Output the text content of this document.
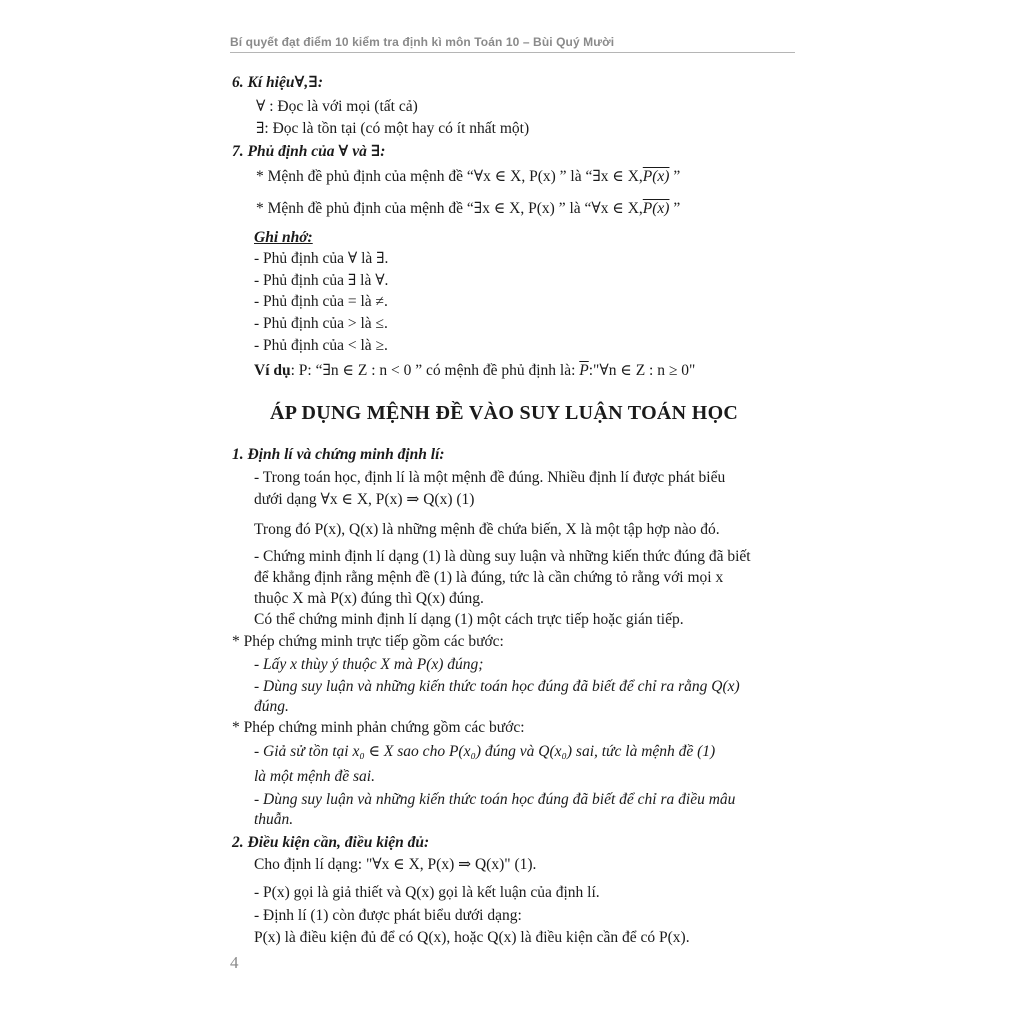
Bí quyết đạt điểm 10 kiểm tra định kì môn Toán 10 – Bùi Quý Mười
6. Kí hiệu∀,∃:
∀ : Đọc là với mọi (tất cả)
∃: Đọc là tồn tại (có một hay có ít nhất một)
7. Phủ định của ∀ và ∃:
* Mệnh đề phủ định của mệnh đề “∀x ∈ X, P(x) ” là “∃x ∈ X,P(x) ”
* Mệnh đề phủ định của mệnh đề “∃x ∈ X, P(x) ” là “∀x ∈ X,P(x) ”
Ghi nhớ:
- Phủ định của ∀ là ∃.
- Phủ định của ∃ là ∀.
- Phủ định của = là ≠.
- Phủ định của > là ≤.
- Phủ định của < là ≥.
Ví dụ: P: “∃n ∈ Z : n < 0 ” có mệnh đề phủ định là: $\overline{P}:"\forall n$ ∈ Z : n ≥ 0"
ÁP DỤNG MỆNH ĐỀ VÀO SUY LUẬN TOÁN HỌC
1. Định lí và chứng minh định lí:
- Trong toán học, định lí là một mệnh đề đúng. Nhiều định lí được phát biểu
dưới dạng ∀x ∈ X, P(x) ⇒ Q(x) (1)
Trong đó P(x), Q(x) là những mệnh đề chứa biến, X là một tập hợp nào đó.
- Chứng minh định lí dạng (1) là dùng suy luận và những kiến thức đúng đã biết
để khẳng định rằng mệnh đề (1) là đúng, tức là cần chứng tỏ rằng với mọi x
thuộc X mà P(x) đúng thì Q(x) đúng.
Có thể chứng minh định lí dạng (1) một cách trực tiếp hoặc gián tiếp.
* Phép chứng minh trực tiếp gồm các bước:
- Lấy x thùy ý thuộc X mà P(x) đúng;
- Dùng suy luận và những kiến thức toán học đúng đã biết để chỉ ra rằng Q(x)
đúng.
* Phép chứng minh phản chứng gồm các bước:
- Giả sử tồn tại x₀ ∈ X sao cho P(x₀) đúng và Q(x₀) sai, tức là mệnh đề (1)
là một mệnh đề sai.
- Dùng suy luận và những kiến thức toán học đúng đã biết để chỉ ra điều mâu
thuẫn.
2. Điều kiện cần, điều kiện đủ:
Cho định lí dạng: "∀x ∈ X, P(x) ⇒ Q(x)" (1).
- P(x) gọi là giả thiết và Q(x) gọi là kết luận của định lí.
- Định lí (1) còn được phát biểu dưới dạng:
P(x) là điều kiện đủ để có Q(x), hoặc Q(x) là điều kiện cần để có P(x).
4
